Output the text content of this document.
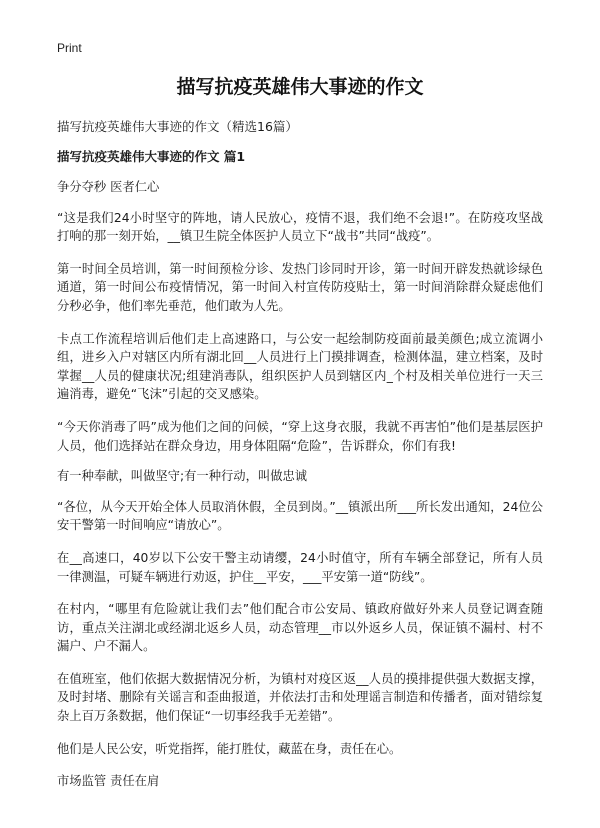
Print
描写抗疫英雄伟大事迹的作文
描写抗疫英雄伟大事迹的作文（精选16篇）
描写抗疫英雄伟大事迹的作文 篇1

争分夺秒 医者仁心

“这是我们24小时坚守的阵地，请人民放心，疫情不退，我们绝不会退!”。在防疫攻坚战打响的那一刻开始，__镇卫生院全体医护人员立下“战书”共同“战疫”。

第一时间全员培训，第一时间预检分诊、发热门诊同时开诊，第一时间开辟发热就诊绿色通道，第一时间公布疫情情况，第一时间入村宣传防疫贴士，第一时间消除群众疑虑他们分秒必争，他们率先垂范，他们敢为人先。

卡点工作流程培训后他们走上高速路口，与公安一起绘制防疫面前最美颜色;成立流调小组，进乡入户对辖区内所有湖北回__人员进行上门摸排调查，检测体温，建立档案，及时掌握__人员的健康状况;组建消毒队，组织医护人员到辖区内_个村及相关单位进行一天三遍消毒，避免“飞沫”引起的交叉感染。

“今天你消毒了吗”成为他们之间的问候，“穿上这身衣服，我就不再害怕”他们是基层医护人员，他们选择站在群众身边，用身体阻隔“危险”，告诉群众，你们有我!

有一种奉献，叫做坚守;有一种行动，叫做忠诚

“各位，从今天开始全体人员取消休假，全员到岗。”__镇派出所___所长发出通知，24位公安干警第一时间响应“请放心”。

在__高速口，40岁以下公安干警主动请缨，24小时值守，所有车辆全部登记，所有人员一律测温，可疑车辆进行劝返，护住__平安，___平安第一道“防线”。

在村内，“哪里有危险就让我们去”他们配合市公安局、镇政府做好外来人员登记调查随访，重点关注湖北或经湖北返乡人员，动态管理__市以外返乡人员，保证镇不漏村、村不漏户、户不漏人。

在值班室，他们依据大数据情况分析，为镇村对疫区返__人员的摸排提供强大数据支撑，及时封堵、删除有关谣言和歪曲报道，并依法打击和处理谣言制造和传播者，面对错综复杂上百万条数据，他们保证“一切事经我手无差错”。

他们是人民公安，听党指挥，能打胜仗，藏蓝在身，责任在心。

市场监管 责任在肩
